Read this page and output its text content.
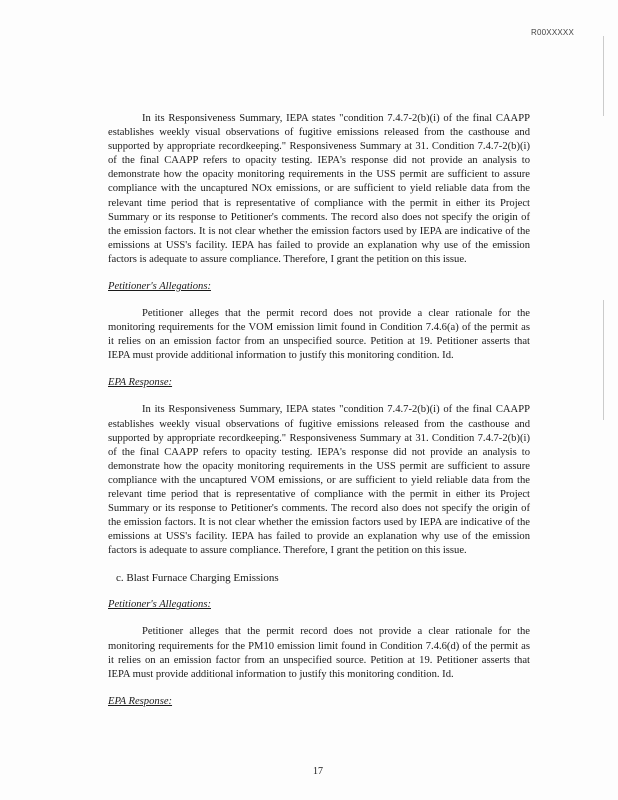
R00XXXXX

In its Responsiveness Summary, IEPA states "condition 7.4.7-2(b)(i) of the final CAAPP establishes weekly visual observations of fugitive emissions released from the casthouse and supported by appropriate recordkeeping." Responsiveness Summary at 31. Condition 7.4.7-2(b)(i) of the final CAAPP refers to opacity testing. IEPA's response did not provide an analysis to demonstrate how the opacity monitoring requirements in the USS permit are sufficient to assure compliance with the uncaptured NOx emissions, or are sufficient to yield reliable data from the relevant time period that is representative of compliance with the permit in either its Project Summary or its response to Petitioner's comments. The record also does not specify the origin of the emission factors. It is not clear whether the emission factors used by IEPA are indicative of the emissions at USS's facility. IEPA has failed to provide an explanation why use of the emission factors is adequate to assure compliance. Therefore, I grant the petition on this issue.

Petitioner's Allegations:

Petitioner alleges that the permit record does not provide a clear rationale for the monitoring requirements for the VOM emission limit found in Condition 7.4.6(a) of the permit as it relies on an emission factor from an unspecified source. Petition at 19. Petitioner asserts that IEPA must provide additional information to justify this monitoring condition. Id.

EPA Response:

In its Responsiveness Summary, IEPA states "condition 7.4.7-2(b)(i) of the final CAAPP establishes weekly visual observations of fugitive emissions released from the casthouse and supported by appropriate recordkeeping." Responsiveness Summary at 31. Condition 7.4.7-2(b)(i) of the final CAAPP refers to opacity testing. IEPA's response did not provide an analysis to demonstrate how the opacity monitoring requirements in the USS permit are sufficient to assure compliance with the uncaptured VOM emissions, or are sufficient to yield reliable data from the relevant time period that is representative of compliance with the permit in either its Project Summary or its response to Petitioner's comments. The record also does not specify the origin of the emission factors. It is not clear whether the emission factors used by IEPA are indicative of the emissions at USS's facility. IEPA has failed to provide an explanation why use of the emission factors is adequate to assure compliance. Therefore, I grant the petition on this issue.

c. Blast Furnace Charging Emissions

Petitioner's Allegations:

Petitioner alleges that the permit record does not provide a clear rationale for the monitoring requirements for the PM10 emission limit found in Condition 7.4.6(d) of the permit as it relies on an emission factor from an unspecified source. Petition at 19. Petitioner asserts that IEPA must provide additional information to justify this monitoring condition. Id.

EPA Response:

17
